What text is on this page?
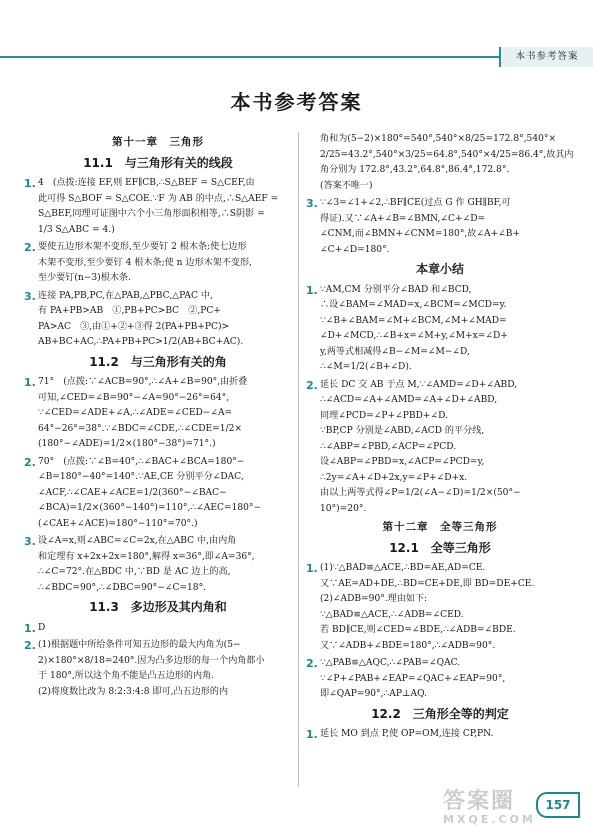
本书参考答案
本书参考答案
第十一章　三角形
11.1　与三角形有关的线段
1. 4　(点拨:连接 EF,则 EF∥CB,∴S△BEF = S△CEF,由
此可得 S△BOF = S△COE.∵F 为 AB 的中点,∴S△AEF =
S△BEF,同理可证图中六个小三角形面积相等,∴S阴影 =
1/3 S△ABC = 4.)
2. 要使五边形木架不变形,至少要钉 2 根木条;使七边形
木架不变形,至少要钉 4 根木条;使 n 边形木架不变形,
至少要钉(n−3)根木条.
3. 连接 PA,PB,PC,在△PAB,△PBC,△PAC 中,
有 PA+PB>AB　①,PB+PC>BC　②,PC+
PA>AC　③,由①+②+③得 2(PA+PB+PC)>
AB+BC+AC,∴PA+PB+PC>1/2(AB+BC+AC).
11.2　与三角形有关的角
1. 71°　(点拨:∵∠ACB=90°,∴∠A+∠B=90°,由折叠
可知,∠CED=∠B=90°−∠A=90°−26°=64°,
∵∠CED=∠ADE+∠A,∴∠ADE=∠CED−∠A=
64°−26°=38°.∵∠BDC=∠CDE,∴∠CDE=1/2×
(180°−∠ADE)=1/2×(180°−38°)=71°.)
2. 70°　(点拨:∵∠B=40°,∴∠BAC+∠BCA=180°−
∠B=180°−40°=140°.∵AE,CE 分别平分∠DAC,
∠ACF,∴∠CAE+∠ACE=1/2(360°−∠BAC−
∠BCA)=1/2×(360°−140°)=110°,∴∠AEC=180°−
(∠CAE+∠ACE)=180°−110°=70°.)
3. 设∠A=x,则∠ABC=∠C=2x,在△ABC 中,由内角
和定理有 x+2x+2x=180°,解得 x=36°,即∠A=36°,
∴∠C=72°.在△BDC 中,∵BD 是 AC 边上的高,
∴∠BDC=90°,∴∠DBC=90°−∠C=18°.
11.3　多边形及其内角和
1. D
2. (1)根据题中所给条件可知五边形的最大内角为(5−
2)×180°×8/18=240°.因为凸多边形的每一个内角都小
于 180°,所以这个角不能是凸五边形的内角.
(2)将度数比改为 8:2:3:4:8 即可,凸五边形的内
角和为(5−2)×180°=540°,540°×8/25=172.8°,540°×
2/25=43.2°,540°×3/25=64.8°,540°×4/25=86.4°,故其内
角分别为 172.8°,43.2°,64.8°,86.4°,172.8°.
(答案不唯一)
3. ∵∠3=∠1+∠2,∴BF∥CE(过点 G 作 GH∥BF,可
得证).又∵∠A+∠B=∠BMN,∠C+∠D=
∠CNM,而∠BMN+∠CNM=180°,故∠A+∠B+
∠C+∠D=180°.
本章小结
1. ∵AM,CM 分别平分∠BAD 和∠BCD,
∴设∠BAM=∠MAD=x,∠BCM=∠MCD=y.
∵∠B+∠BAM=∠M+∠BCM,∠M+∠MAD=
∠D+∠MCD,∴∠B+x=∠M+y,∠M+x=∠D+
y,两等式相减得∠B−∠M=∠M−∠D,
∴∠M=1/2(∠B+∠D).
2. 延长 DC 交 AB 于点 M,∵∠AMD=∠D+∠ABD,
∴∠ACD=∠A+∠AMD=∠A+∠D+∠ABD,
同理∠PCD=∠P+∠PBD+∠D.
∵BP,CP 分别是∠ABD,∠ACD 的平分线,
∴∠ABP=∠PBD,∠ACP=∠PCD.
设∠ABP=∠PBD=x,∠ACP=∠PCD=y,
∴2y=∠A+∠D+2x,y=∠P+∠D+x.
由以上两等式得∠P=1/2(∠A−∠D)=1/2×(50°−
10°)=20°.
第十二章　全等三角形
12.1　全等三角形
1. (1)∵△BAD≌△ACE,∴BD=AE,AD=CE.
又∵AE=AD+DE,∴BD=CE+DE,即 BD=DE+CE.
(2)∠ADB=90°.理由如下:
∵△BAD≌△ACE,∴∠ADB=∠CED.
若 BD∥CE,则∠CED=∠BDE,∴∠ADB=∠BDE.
又∵∠ADB+∠BDE=180°,∴∠ADB=90°.
2. ∵△PAB≌△AQC,∴∠PAB=∠QAC.
∵∠P+∠PAB+∠EAP=∠QAC+∠EAP=90°,
即∠QAP=90°,∴AP⊥AQ.
12.2　三角形全等的判定
1. 延长 MO 到点 P,使 OP=OM,连接 CP,PN.
答案圈
MXQE.COM
157
